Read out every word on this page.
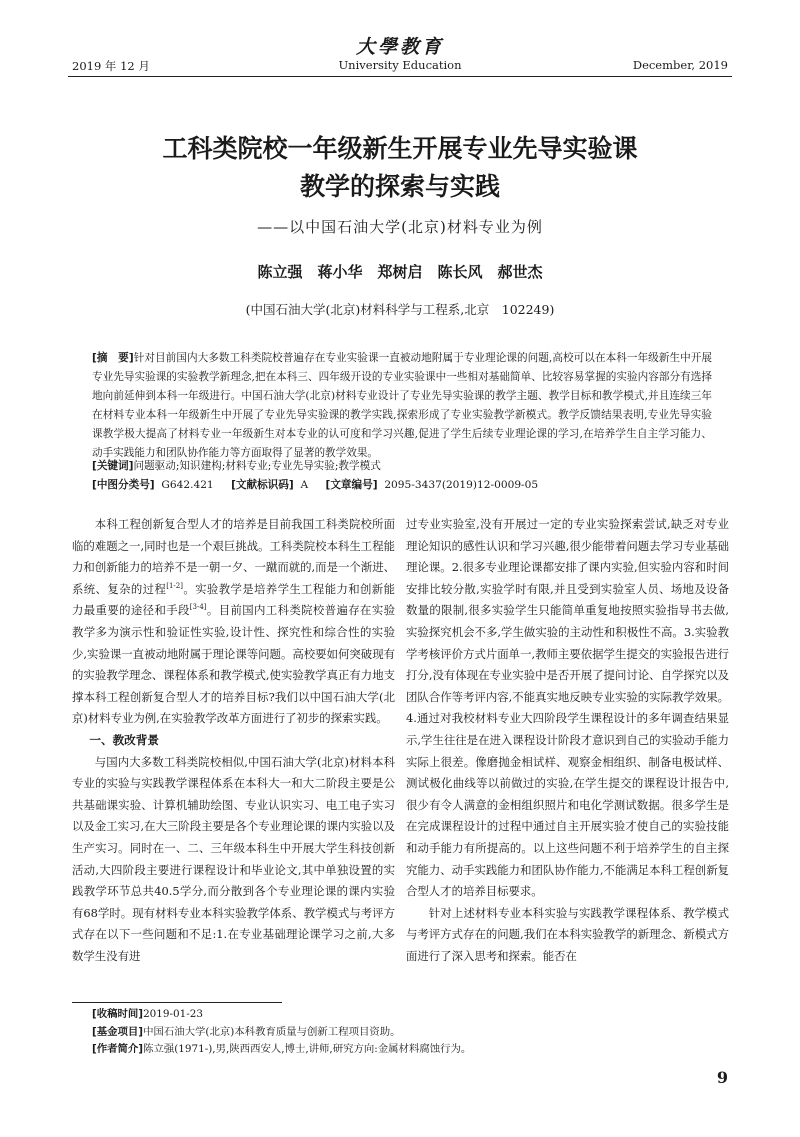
大學教育
2019 年 12 月	University Education	December, 2019
工科类院校一年级新生开展专业先导实验课
教学的探索与实践
——以中国石油大学(北京)材料专业为例
陈立强　蒋小华　郑树启　陈长风　郝世杰
(中国石油大学(北京)材料科学与工程系,北京　102249)
[摘　要]针对目前国内大多数工科类院校普遍存在专业实验课一直被动地附属于专业理论课的问题,高校可以在本科一年级新生中开展专业先导实验课的实验教学新理念,把在本科三、四年级开设的专业实验课中一些相对基础简单、比较容易掌握的实验内容部分有选择地向前延伸到本科一年级进行。中国石油大学(北京)材料专业设计了专业先导实验课的教学主题、教学目标和教学模式,并且连续三年在材料专业本科一年级新生中开展了专业先导实验课的教学实践,探索形成了专业实验教学新模式。教学反馈结果表明,专业先导实验课教学极大提高了材料专业一年级新生对本专业的认可度和学习兴趣,促进了学生后续专业理论课的学习,在培养学生自主学习能力、动手实践能力和团队协作能力等方面取得了显著的教学效果。
[关键词]问题驱动;知识建构;材料专业;专业先导实验;教学模式
[中图分类号] G642.421 [文献标识码] A [文章编号] 2095-3437(2019)12-0009-05

本科工程创新复合型人才的培养是目前我国工科类院校所面临的难题之一,同时也是一个艰巨挑战。工科类院校本科生工程能力和创新能力的培养不是一朝一夕、一蹴而就的,而是一个渐进、系统、复杂的过程[1-2]。实验教学是培养学生工程能力和创新能力最重要的途径和手段[3-4]。目前国内工科类院校普遍存在实验教学多为演示性和验证性实验,设计性、探究性和综合性的实验少,实验课一直被动地附属于理论课等问题。高校要如何突破现有的实验教学理念、课程体系和教学模式,使实验教学真正有力地支撑本科工程创新复合型人才的培养目标?我们以中国石油大学(北京)材料专业为例,在实验教学改革方面进行了初步的探索实践。

一、教改背景

与国内大多数工科类院校相似,中国石油大学(北京)材料本科专业的实验与实践教学课程体系在本科大一和大二阶段主要是公共基础课实验、计算机辅助绘图、专业认识实习、电工电子实习以及金工实习,在大三阶段主要是各个专业理论课的课内实验以及生产实习。同时在一、二、三年级本科生中开展大学生科技创新活动,大四阶段主要进行课程设计和毕业论文,其中单独设置的实践教学环节总共40.5学分,而分散到各个专业理论课的课内实验有68学时。现有材料专业本科实验教学体系、教学模式与考评方式存在以下一些问题和不足:1.在专业基础理论课学习之前,大多数学生没有进

过专业实验室,没有开展过一定的专业实验探索尝试,缺乏对专业理论知识的感性认识和学习兴趣,很少能带着问题去学习专业基础理论课。2.很多专业理论课都安排了课内实验,但实验内容和时间安排比较分散,实验学时有限,并且受到实验室人员、场地及设备数量的限制,很多实验学生只能简单重复地按照实验指导书去做,实验探究机会不多,学生做实验的主动性和积极性不高。3.实验教学考核评价方式片面单一,教师主要依据学生提交的实验报告进行打分,没有体现在专业实验中是否开展了提问讨论、自学探究以及团队合作等考评内容,不能真实地反映专业实验的实际教学效果。4.通过对我校材料专业大四阶段学生课程设计的多年调查结果显示,学生往往是在进入课程设计阶段才意识到自己的实验动手能力实际上很差。像磨抛金相试样、观察金相组织、制备电极试样、测试极化曲线等以前做过的实验,在学生提交的课程设计报告中,很少有令人满意的金相组织照片和电化学测试数据。很多学生是在完成课程设计的过程中通过自主开展实验才使自己的实验技能和动手能力有所提高的。以上这些问题不利于培养学生的自主探究能力、动手实践能力和团队协作能力,不能满足本科工程创新复合型人才的培养目标要求。

针对上述材料专业本科实验与实践教学课程体系、教学模式与考评方式存在的问题,我们在本科实验教学的新理念、新模式方面进行了深入思考和探索。能否在

[收稿时间]2019-01-23
[基金项目]中国石油大学(北京)本科教育质量与创新工程项目资助。
[作者简介]陈立强(1971-),男,陕西西安人,博士,讲师,研究方向:金属材料腐蚀行为。
9
